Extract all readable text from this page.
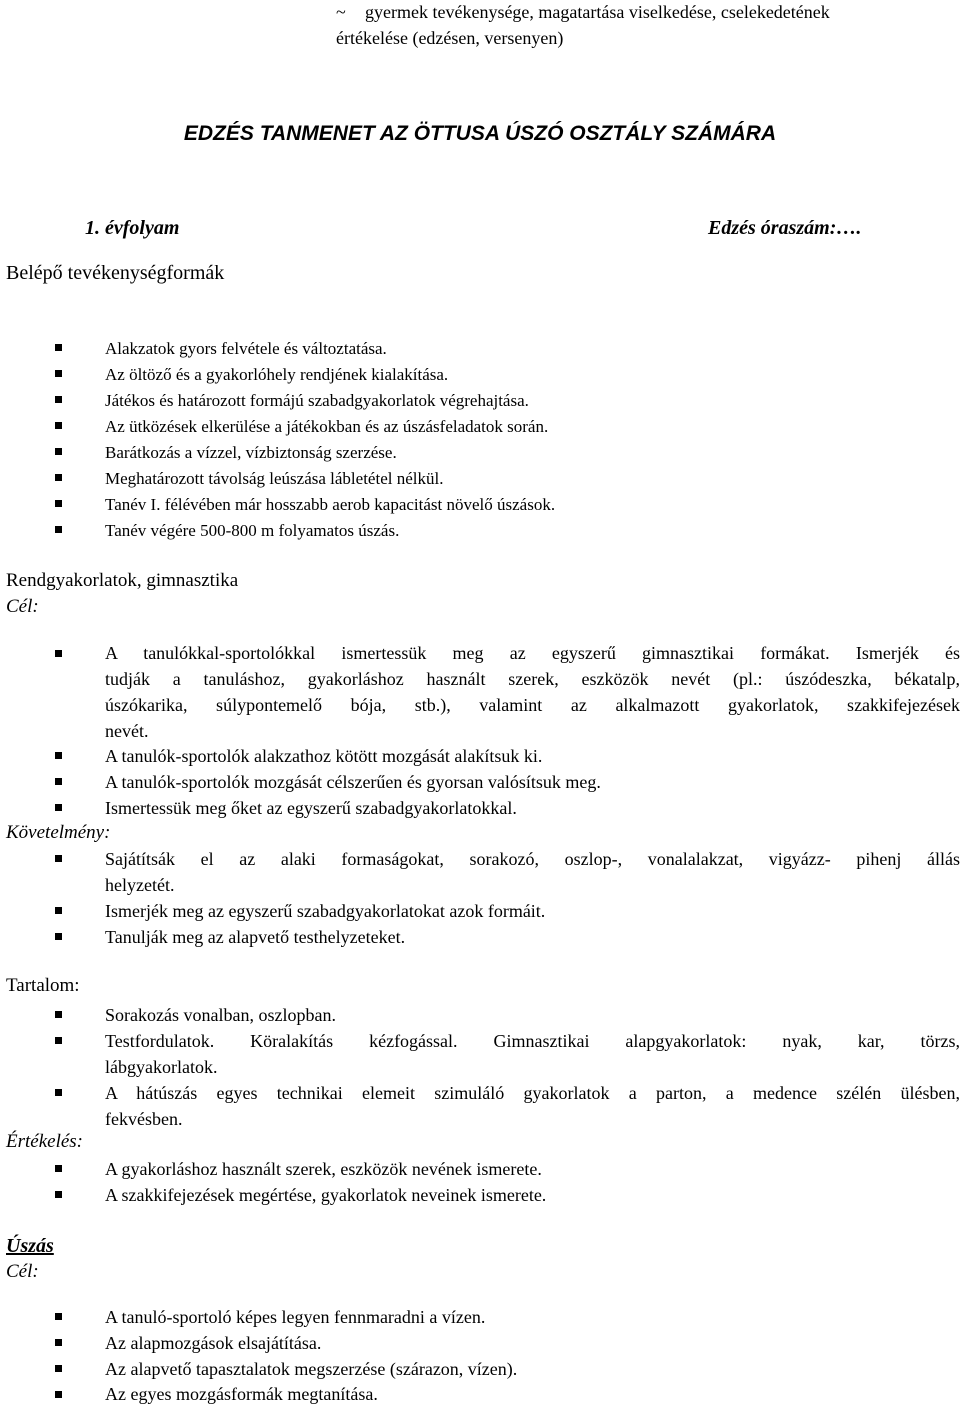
~ gyermek tevékenysége, magatartása viselkedése, cselekedetének
értékelése (edzésen, versenyen)
EDZÉS TANMENET AZ ÖTTUSA ÚSZÓ OSZTÁLY SZÁMÁRA
1. évfolyam	Edzés óraszám:….
Belépő tevékenységformák
Alakzatok gyors felvétele és változtatása.
Az öltöző és a gyakorlóhely rendjének kialakítása.
Játékos és határozott formájú szabadgyakorlatok végrehajtása.
Az ütközések elkerülése a játékokban és az úszásfeladatok során.
Barátkozás a vízzel, vízbiztonság szerzése.
Meghatározott távolság leúszása lábletétel nélkül.
Tanév I. félévében már hosszabb aerob kapacitást növelő úszások.
Tanév végére 500-800 m folyamatos úszás.
Rendgyakorlatok, gimnasztika
Cél:
A tanulókkal-sportolókkal ismertessük meg az egyszerű gimnasztikai formákat. Ismerjék és
tudják a tanuláshoz, gyakorláshoz használt szerek, eszközök nevét (pl.: úszódeszka, békatalp,
úszókarika, súlypontemelő bója, stb.), valamint az alkalmazott gyakorlatok, szakkifejezések
nevét.
A tanulók-sportolók alakzathoz kötött mozgását alakítsuk ki.
A tanulók-sportolók mozgását célszerűen és gyorsan valósítsuk meg.
Ismertessük meg őket az egyszerű szabadgyakorlatokkal.
Követelmény:
Sajátítsák el az alaki formaságokat, sorakozó, oszlop-, vonalalakzat, vigyázz- pihenj állás
helyzetét.
Ismerjék meg az egyszerű szabadgyakorlatokat azok formáit.
Tanulják meg az alapvető testhelyzeteket.
Tartalom:
Sorakozás vonalban, oszlopban.
Testfordulatok. Köralakítás kézfogással. Gimnasztikai alapgyakorlatok: nyak, kar, törzs,
lábgyakorlatok.
A hátúszás egyes technikai elemeit szimuláló gyakorlatok a parton, a medence szélén ülésben,
fekvésben.
Értékelés:
A gyakorláshoz használt szerek, eszközök nevének ismerete.
A szakkifejezések megértése, gyakorlatok neveinek ismerete.
Úszás
Cél:
A tanuló-sportoló képes legyen fennmaradni a vízen.
Az alapmozgások elsajátítása.
Az alapvető tapasztalatok megszerzése (szárazon, vízen).
Az egyes mozgásformák megtanítása.
